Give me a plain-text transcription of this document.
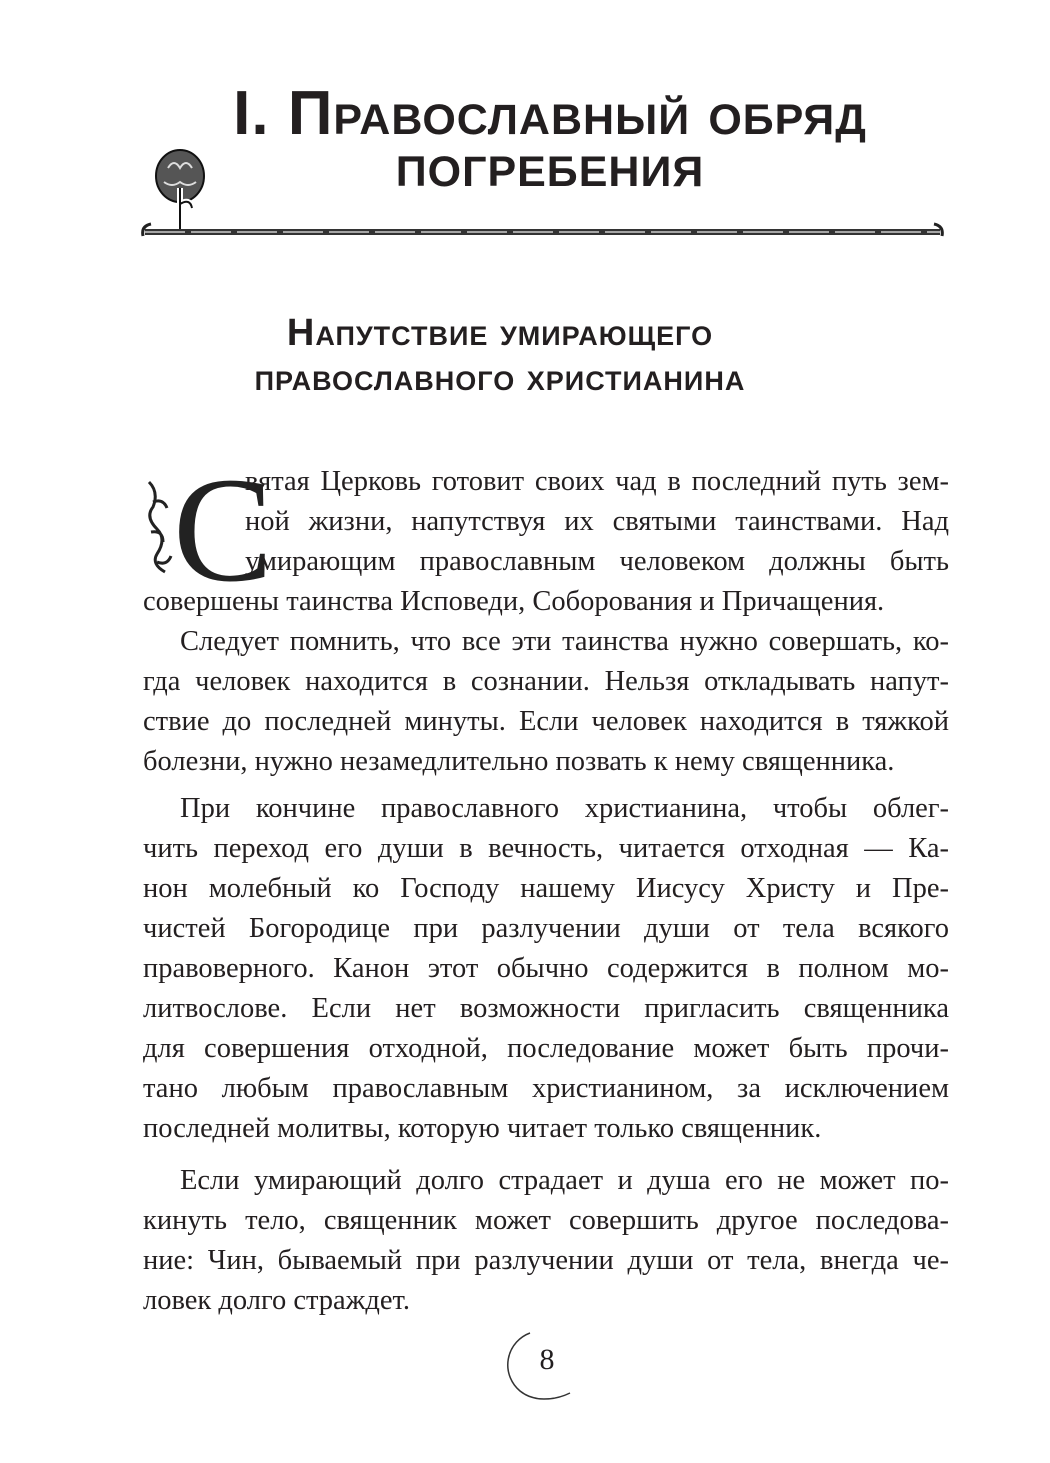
I. Православный обряд
погребения
Напутствие умирающего
православного христианина
С
вятая Церковь готовит своих чад в последний путь зем-
ной жизни, напутствуя их святыми таинствами. Над
умирающим православным человеком должны быть
совершены таинства Исповеди, Соборования и Причащения.
Следует помнить, что все эти таинства нужно совершать, ко-
гда человек находится в сознании. Нельзя откладывать напут-
ствие до последней минуты. Если человек находится в тяжкой
болезни, нужно незамедлительно позвать к нему священника.
При кончине православного христианина, чтобы облег-
чить переход его души в вечность, читается отходная — Ка-
нон молебный ко Господу нашему Иисусу Христу и Пре-
чистей Богородице при разлучении души от тела всякого
правоверного. Канон этот обычно содержится в полном мо-
литвослове. Если нет возможности пригласить священника
для совершения отходной, последование может быть прочи-
тано любым православным христианином, за исключением
последней молитвы, которую читает только священник.
Если умирающий долго страдает и душа его не может по-
кинуть тело, священник может совершить другое последова-
ние: Чин, бываемый при разлучении души от тела, внегда че-
ловек долго страждет.
8
